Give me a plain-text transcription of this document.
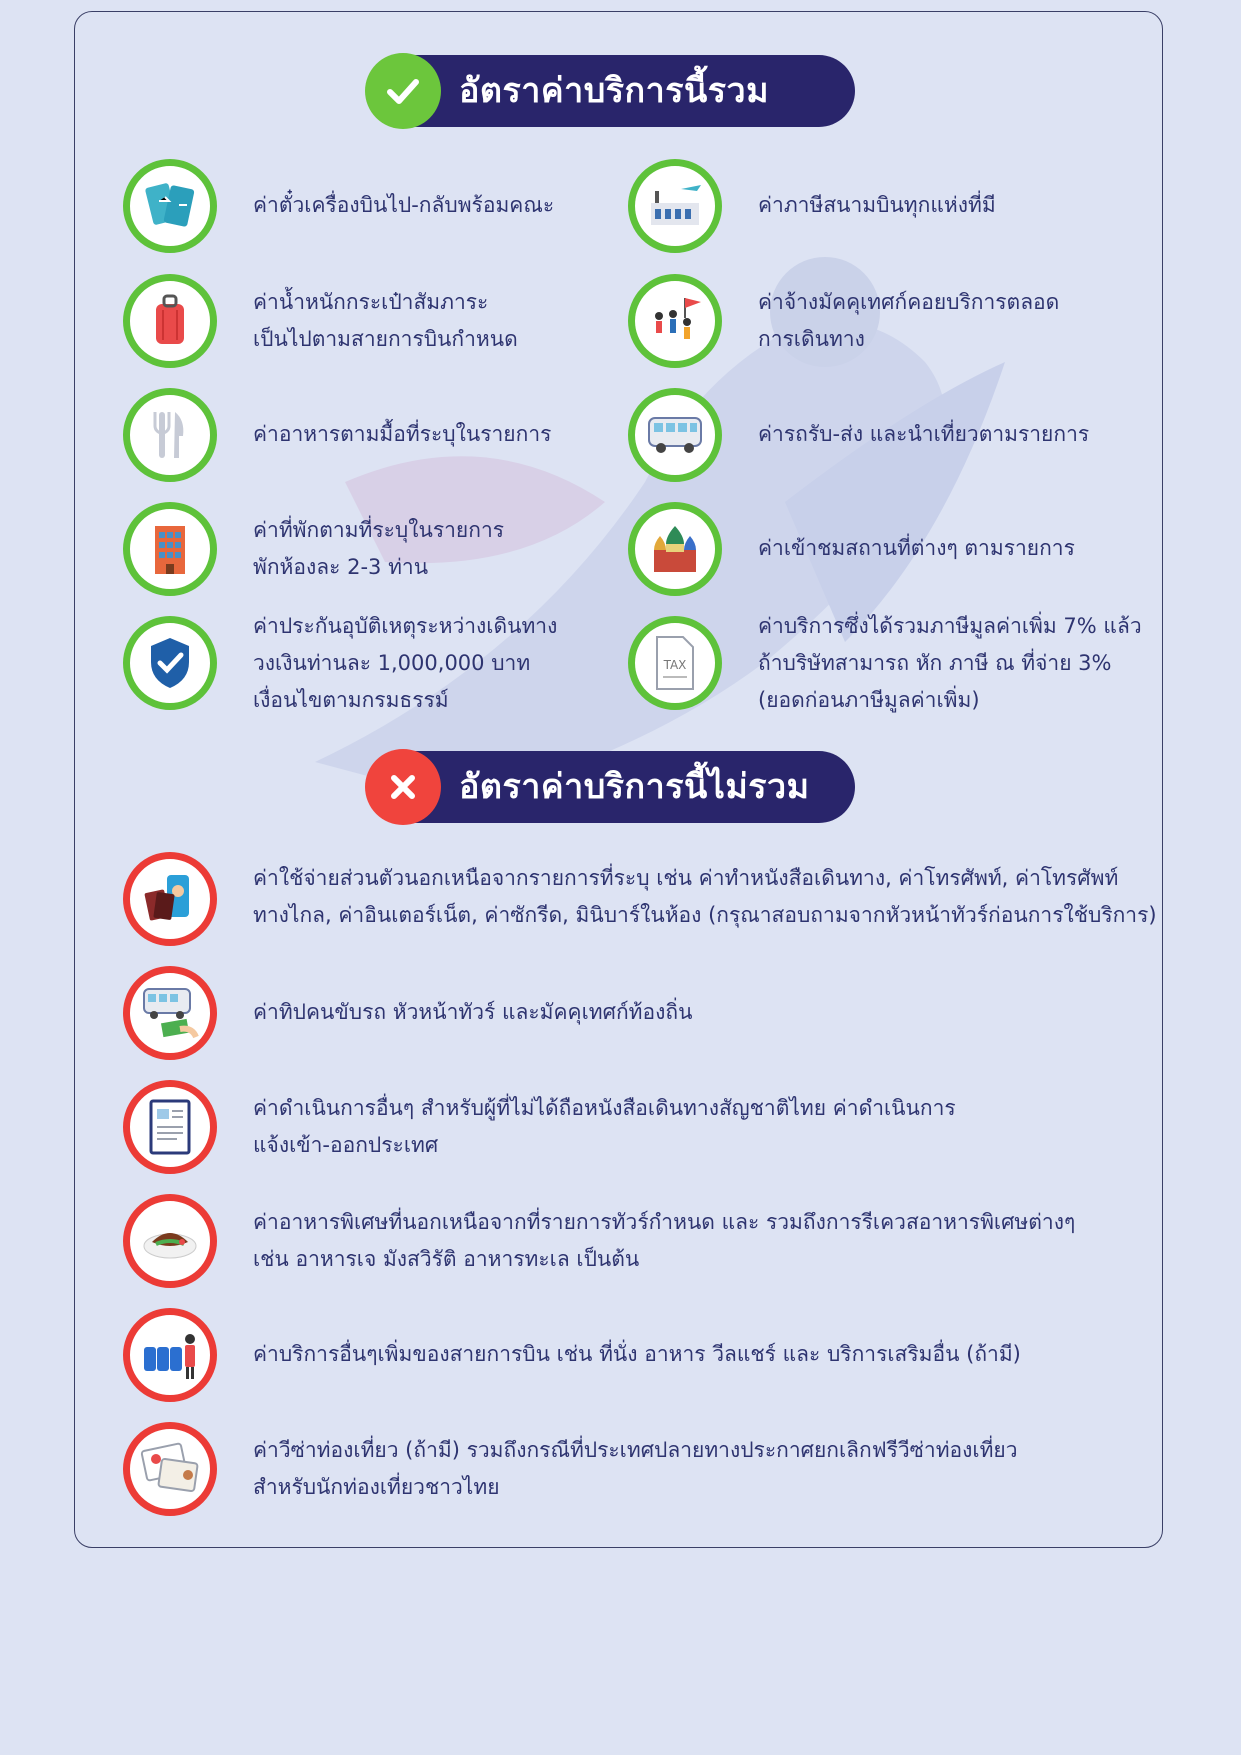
อัตราค่าบริการนี้รวม
ค่าตั๋วเครื่องบินไป-กลับพร้อมคณะ
ค่าน้ำหนักกระเป๋าสัมภาระ
เป็นไปตามสายการบินกำหนด
ค่าอาหารตามมื้อที่ระบุในรายการ
ค่าที่พักตามที่ระบุในรายการ
พักห้องละ 2-3 ท่าน
ค่าประกันอุบัติเหตุระหว่างเดินทาง
วงเงินท่านละ 1,000,000 บาท
เงื่อนไขตามกรมธรรม์
ค่าภาษีสนามบินทุกแห่งที่มี
ค่าจ้างมัคคุเทศก์คอยบริการตลอด
การเดินทาง
ค่ารถรับ-ส่ง และนำเที่ยวตามรายการ
ค่าเข้าชมสถานที่ต่างๆ ตามรายการ
TAX
ค่าบริการซึ่งได้รวมภาษีมูลค่าเพิ่ม 7% แล้ว
ถ้าบริษัทสามารถ หัก ภาษี ณ ที่จ่าย 3%
(ยอดก่อนภาษีมูลค่าเพิ่ม)
อัตราค่าบริการนี้ไม่รวม
ค่าใช้จ่ายส่วนตัวนอกเหนือจากรายการที่ระบุ เช่น ค่าทำหนังสือเดินทาง, ค่าโทรศัพท์, ค่าโทรศัพท์
ทางไกล, ค่าอินเตอร์เน็ต, ค่าซักรีด, มินิบาร์ในห้อง (กรุณาสอบถามจากหัวหน้าทัวร์ก่อนการใช้บริการ)
ค่าทิปคนขับรถ หัวหน้าทัวร์ และมัคคุเทศก์ท้องถิ่น
ค่าดำเนินการอื่นๆ สำหรับผู้ที่ไม่ได้ถือหนังสือเดินทางสัญชาติไทย ค่าดำเนินการ
แจ้งเข้า-ออกประเทศ
ค่าอาหารพิเศษที่นอกเหนือจากที่รายการทัวร์กำหนด และ รวมถึงการรีเควสอาหารพิเศษต่างๆ
เช่น อาหารเจ มังสวิรัติ อาหารทะเล เป็นต้น
ค่าบริการอื่นๆเพิ่มของสายการบิน เช่น ที่นั่ง อาหาร วีลแชร์ และ บริการเสริมอื่น (ถ้ามี)
ค่าวีซ่าท่องเที่ยว (ถ้ามี) รวมถึงกรณีที่ประเทศปลายทางประกาศยกเลิกฟรีวีซ่าท่องเที่ยว
สำหรับนักท่องเที่ยวชาวไทย
